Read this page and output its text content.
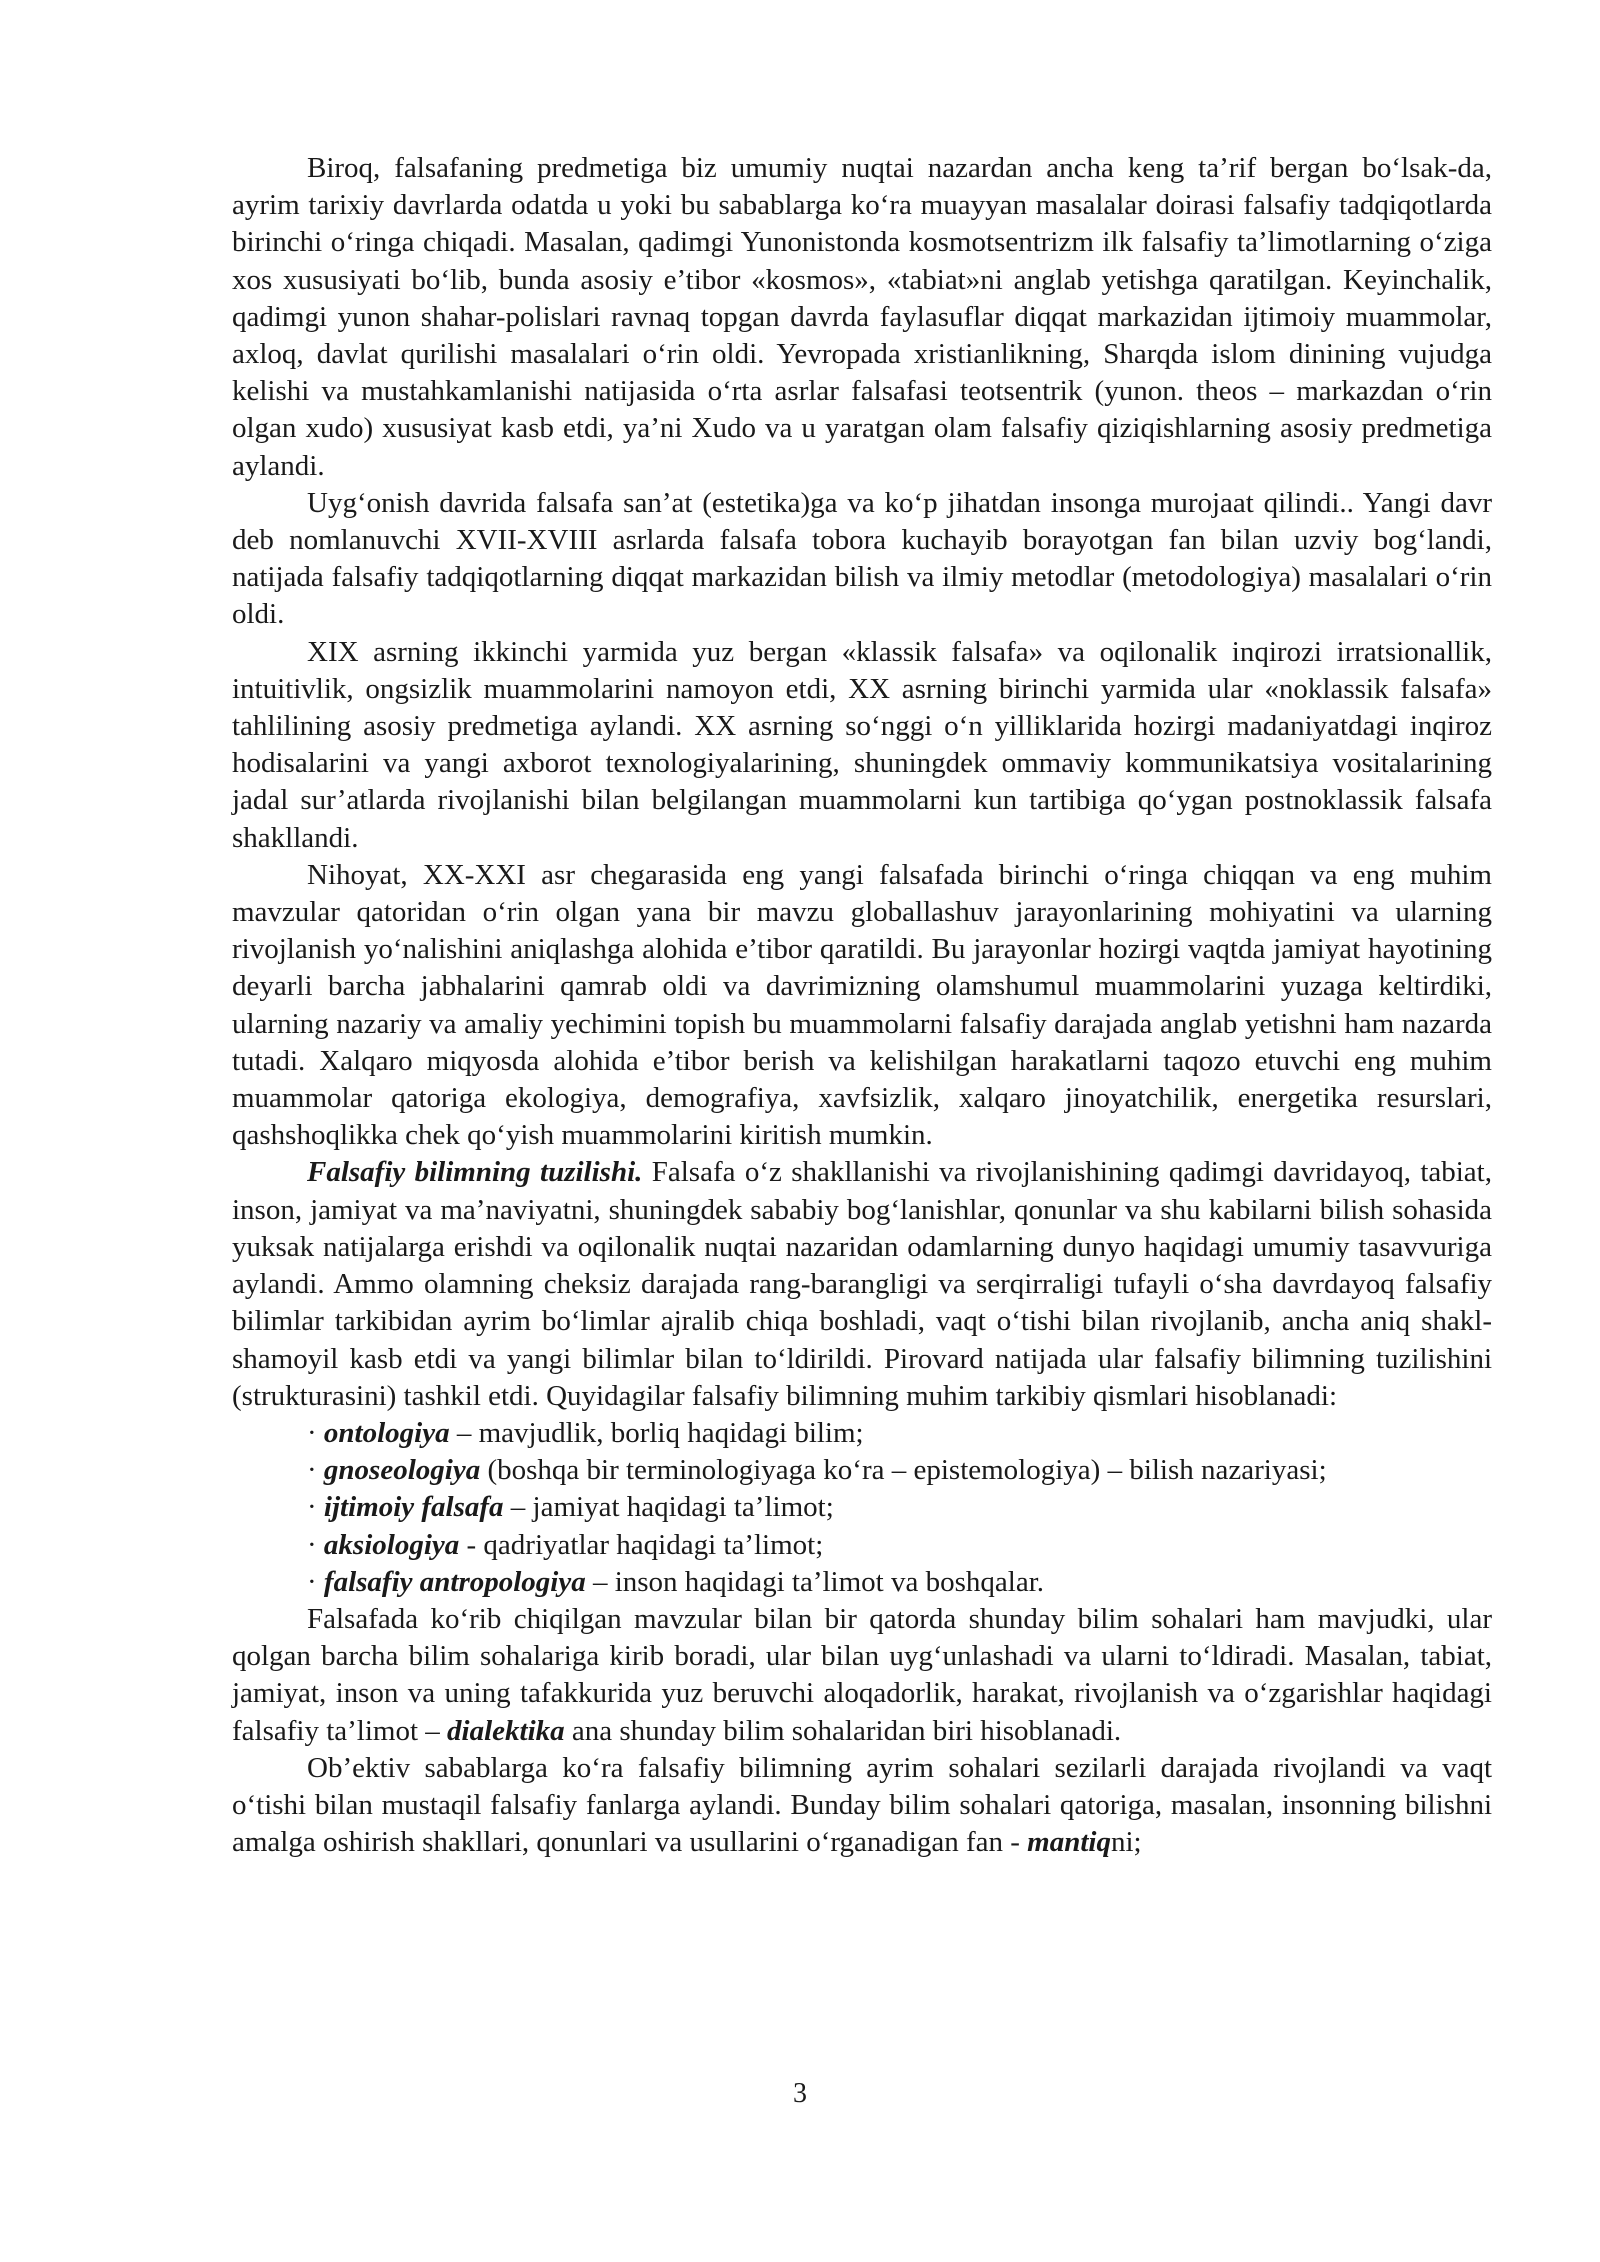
Biroq, falsafaning predmetiga biz umumiy nuqtai nazardan ancha keng ta’rif bergan boʻlsak-da, ayrim tarixiy davrlarda odatda u yoki bu sabablarga koʻra muayyan masalalar doirasi falsafiy tadqiqotlarda birinchi oʻringa chiqadi. Masalan, qadimgi Yunonistonda kosmotsentrizm ilk falsafiy ta’limotlarning oʻziga xos xususiyati boʻlib, bunda asosiy e’tibor «kosmos», «tabiat»ni anglab yetishga qaratilgan. Keyinchalik, qadimgi yunon shahar-polislari ravnaq topgan davrda faylasuflar diqqat markazidan ijtimoiy muammolar, axloq, davlat qurilishi masalalari oʻrin oldi. Yevropada xristianlikning, Sharqda islom dinining vujudga kelishi va mustahkamlanishi natijasida oʻrta asrlar falsafasi teotsentrik (yunon. theos – markazdan oʻrin olgan xudo) xususiyat kasb etdi, ya’ni Xudo va u yaratgan olam falsafiy qiziqishlarning asosiy predmetiga aylandi.

Uygʻonish davrida falsafa san’at (estetika)ga va koʻp jihatdan insonga murojaat qilindi.. Yangi davr deb nomlanuvchi XVII-XVIII asrlarda falsafa tobora kuchayib borayotgan fan bilan uzviy bogʻlandi, natijada falsafiy tadqiqotlarning diqqat markazidan bilish va ilmiy metodlar (metodologiya) masalalari oʻrin oldi.

XIX asrning ikkinchi yarmida yuz bergan «klassik falsafa» va oqilonalik inqirozi irratsionallik, intuitivlik, ongsizlik muammolarini namoyon etdi, XX asrning birinchi yarmida ular «noklassik falsafa» tahlilining asosiy predmetiga aylandi. XX asrning soʻnggi oʻn yilliklarida hozirgi madaniyatdagi inqiroz hodisalarini va yangi axborot texnologiyalarining, shuningdek ommaviy kommunikatsiya vositalarining jadal sur’atlarda rivojlanishi bilan belgilangan muammolarni kun tartibiga qoʻygan postnoklassik falsafa shakllandi.

Nihoyat, XX-XXI asr chegarasida eng yangi falsafada birinchi oʻringa chiqqan va eng muhim mavzular qatoridan oʻrin olgan yana bir mavzu globallashuv jarayonlarining mohiyatini va ularning rivojlanish yoʻnalishini aniqlashga alohida e’tibor qaratildi. Bu jarayonlar hozirgi vaqtda jamiyat hayotining deyarli barcha jabhalarini qamrab oldi va davrimizning olamshumul muammolarini yuzaga keltirdiki, ularning nazariy va amaliy yechimini topish bu muammolarni falsafiy darajada anglab yetishni ham nazarda tutadi. Xalqaro miqyosda alohida e’tibor berish va kelishilgan harakatlarni taqozo etuvchi eng muhim muammolar qatoriga ekologiya, demografiya, xavfsizlik, xalqaro jinoyatchilik, energetika resurslari, qashshoqlikka chek qoʻyish muammolarini kiritish mumkin.

Falsafiy bilimning tuzilishi. Falsafa oʻz shakllanishi va rivojlanishining qadimgi davridayoq, tabiat, inson, jamiyat va ma’naviyatni, shuningdek sababiy bogʻlanishlar, qonunlar va shu kabilarni bilish sohasida yuksak natijalarga erishdi va oqilonalik nuqtai nazaridan odamlarning dunyo haqidagi umumiy tasavvuriga aylandi. Ammo olamning cheksiz darajada rang-barangligi va serqirraligi tufayli oʻsha davrdayoq falsafiy bilimlar tarkibidan ayrim boʻlimlar ajralib chiqa boshladi, vaqt oʻtishi bilan rivojlanib, ancha aniq shakl-shamoyil kasb etdi va yangi bilimlar bilan toʻldirildi. Pirovard natijada ular falsafiy bilimning tuzilishini (strukturasini) tashkil etdi. Quyidagilar falsafiy bilimning muhim tarkibiy qismlari hisoblanadi:

· ontologiya – mavjudlik, borliq haqidagi bilim;

· gnoseologiya (boshqa bir terminologiyaga koʻra – epistemologiya) – bilish nazariyasi;

· ijtimoiy falsafa – jamiyat haqidagi ta’limot;

· aksiologiya - qadriyatlar haqidagi ta’limot;

· falsafiy antropologiya – inson haqidagi ta’limot va boshqalar.

Falsafada koʻrib chiqilgan mavzular bilan bir qatorda shunday bilim sohalari ham mavjudki, ular qolgan barcha bilim sohalariga kirib boradi, ular bilan uygʻunlashadi va ularni toʻldiradi. Masalan, tabiat, jamiyat, inson va uning tafakkurida yuz beruvchi aloqadorlik, harakat, rivojlanish va oʻzgarishlar haqidagi falsafiy ta’limot – dialektika ana shunday bilim sohalaridan biri hisoblanadi.

Ob’ektiv sabablarga koʻra falsafiy bilimning ayrim sohalari sezilarli darajada rivojlandi va vaqt oʻtishi bilan mustaqil falsafiy fanlarga aylandi. Bunday bilim sohalari qatoriga, masalan, insonning bilishni amalga oshirish shakllari, qonunlari va usullarini oʻrganadigan fan - mantiqni;

3
